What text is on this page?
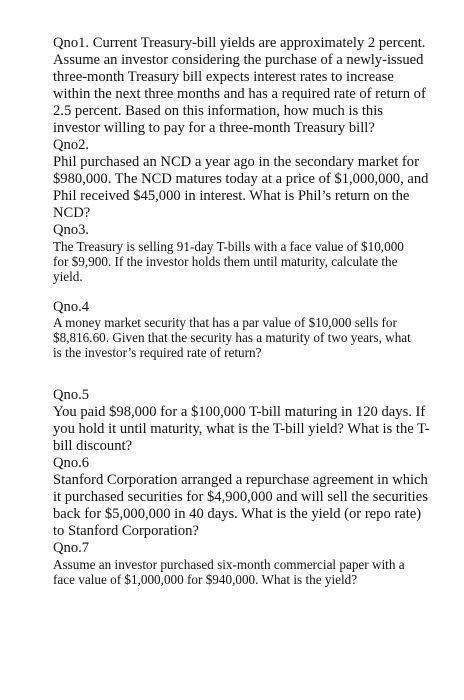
Qno1. Current Treasury-bill yields are approximately 2 percent.
Assume an investor considering the purchase of a newly-issued
three-month Treasury bill expects interest rates to increase
within the next three months and has a required rate of return of
2.5 percent. Based on this information, how much is this
investor willing to pay for a three-month Treasury bill?
Qno2.
Phil purchased an NCD a year ago in the secondary market for
$980,000. The NCD matures today at a price of $1,000,000, and
Phil received $45,000 in interest. What is Phil’s return on the
NCD?
Qno3.
The Treasury is selling 91-day T-bills with a face value of $10,000
for $9,900. If the investor holds them until maturity, calculate the
yield.
Qno.4
A money market security that has a par value of $10,000 sells for
$8,816.60. Given that the security has a maturity of two years, what
is the investor’s required rate of return?
Qno.5
You paid $98,000 for a $100,000 T-bill maturing in 120 days. If
you hold it until maturity, what is the T-bill yield? What is the T-
bill discount?
Qno.6
Stanford Corporation arranged a repurchase agreement in which
it purchased securities for $4,900,000 and will sell the securities
back for $5,000,000 in 40 days. What is the yield (or repo rate)
to Stanford Corporation?
Qno.7
Assume an investor purchased six-month commercial paper with a
face value of $1,000,000 for $940,000. What is the yield?
